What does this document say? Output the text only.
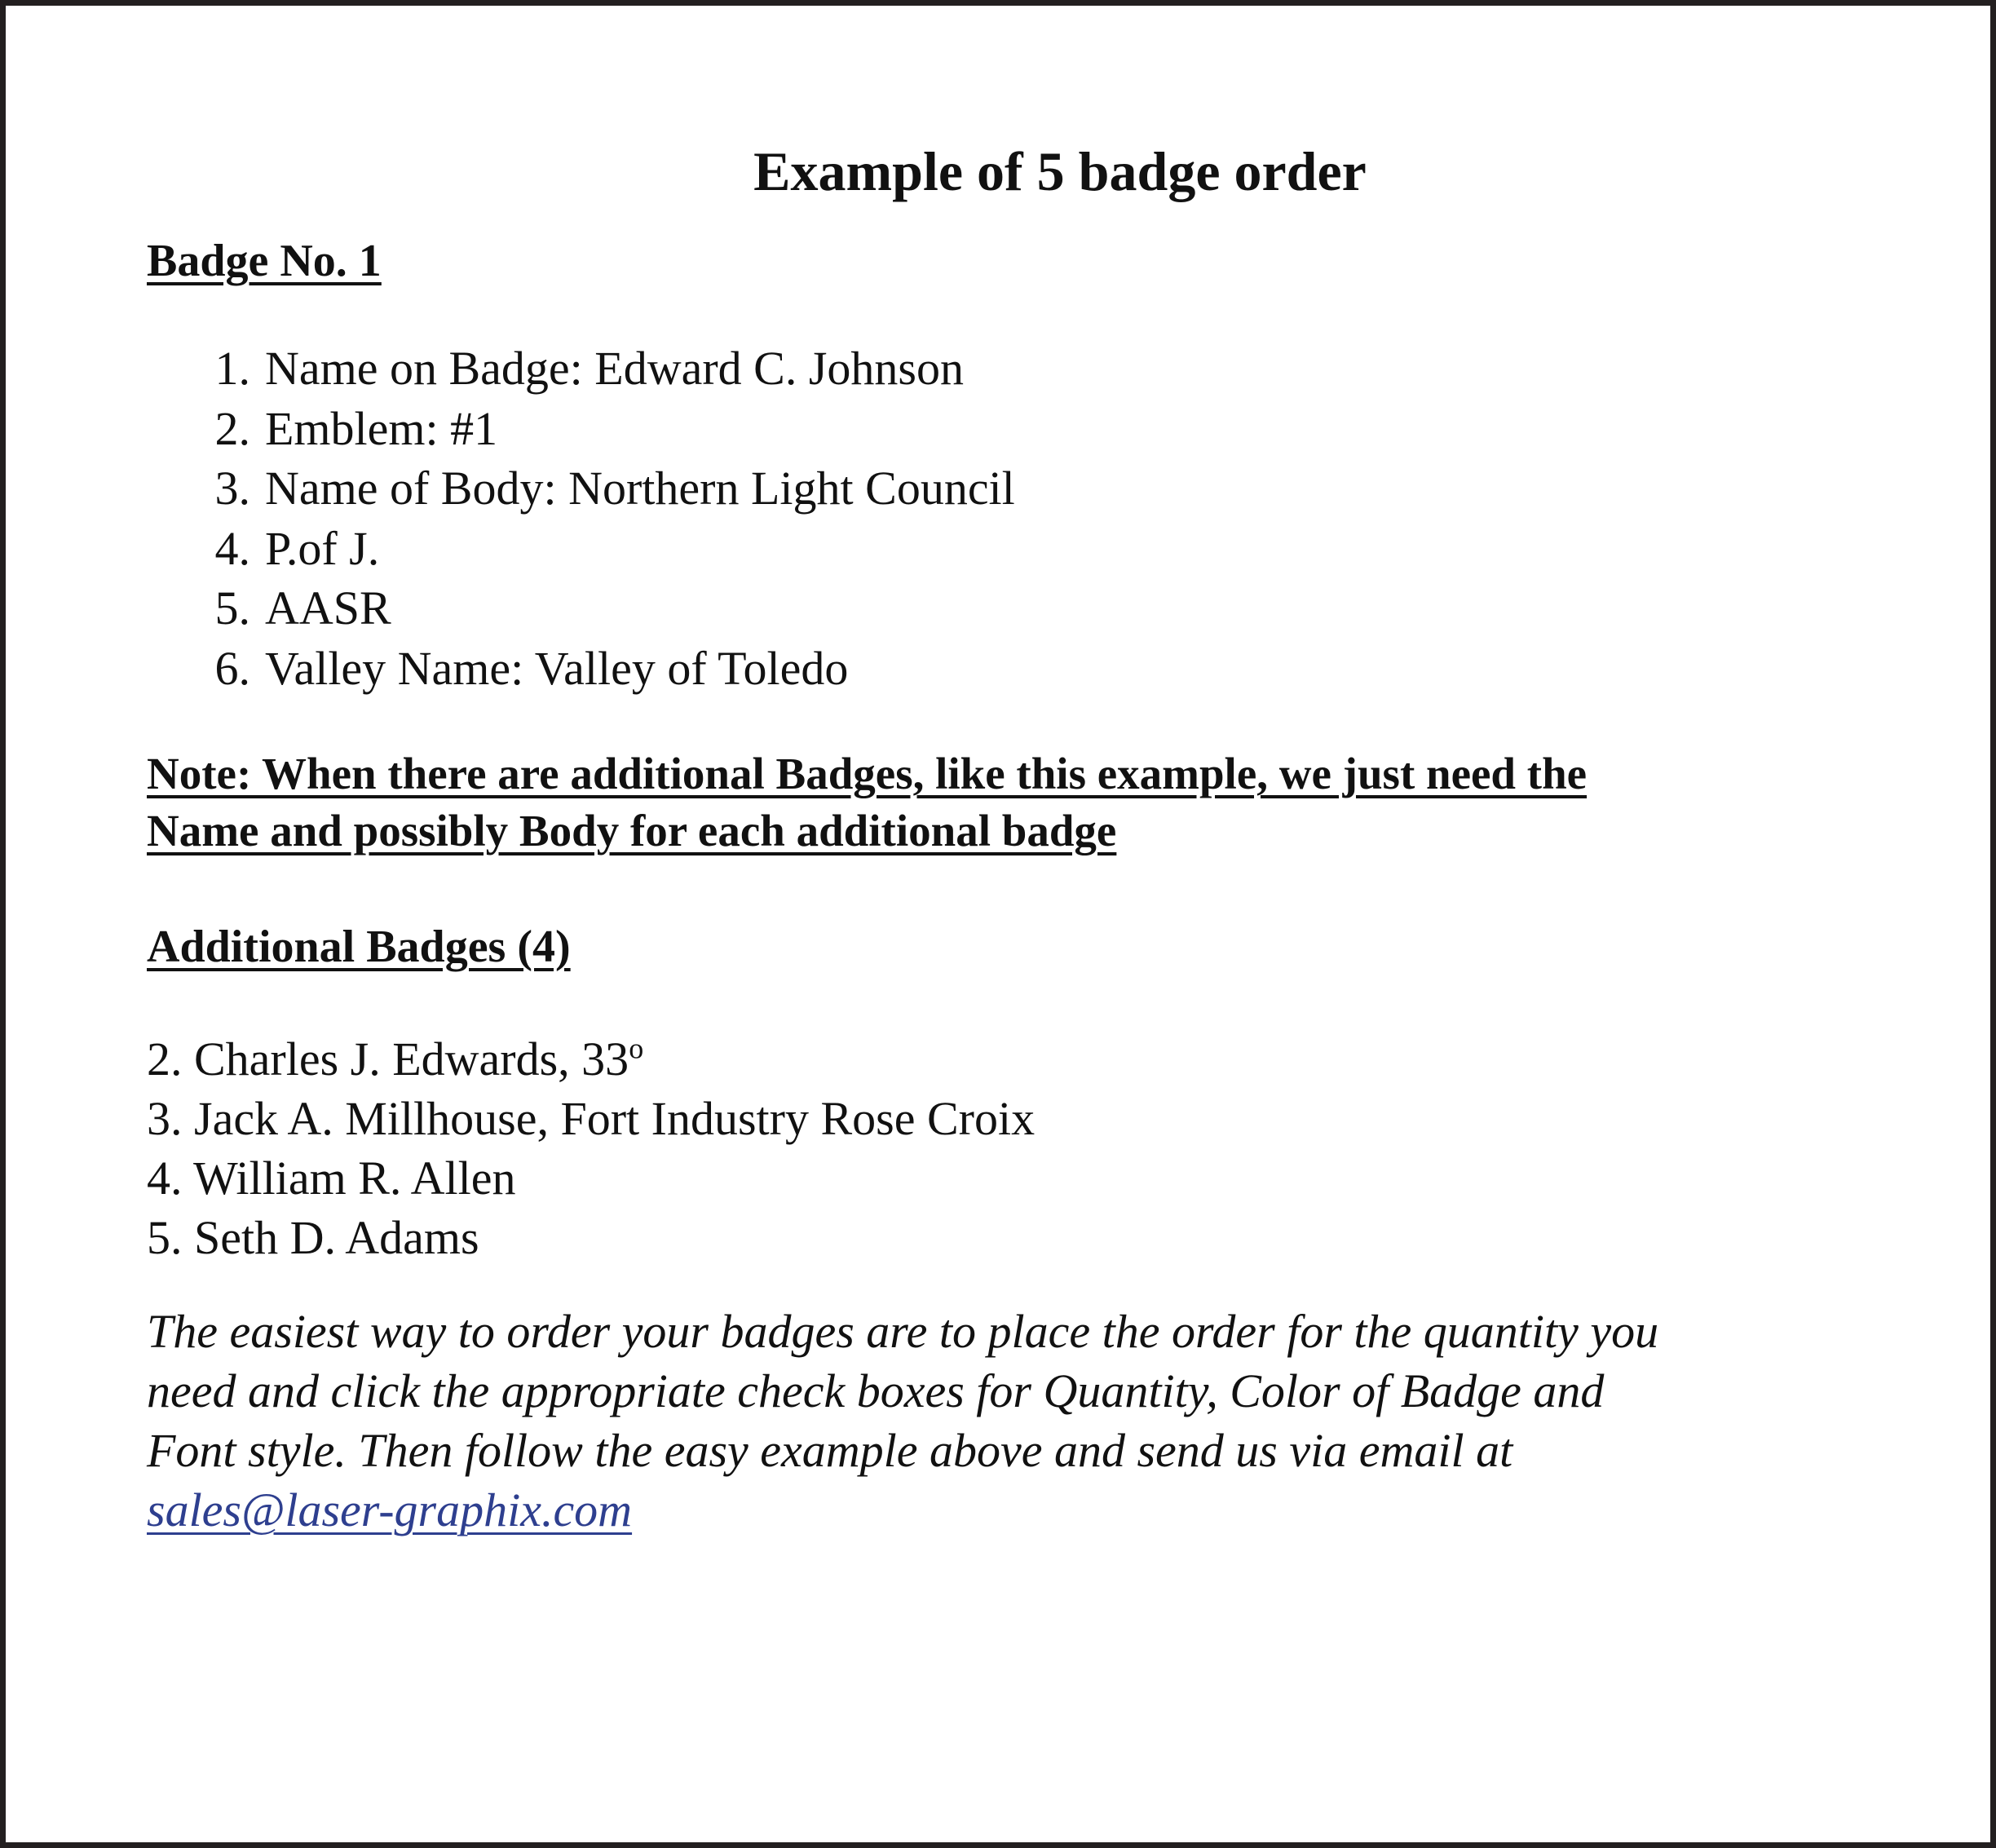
Example of 5 badge order
Badge No. 1
1. Name on Badge: Edward C. Johnson
2. Emblem: #1
3. Name of Body: Northern Light Council
4. P.of J.
5. AASR
6. Valley Name: Valley of Toledo

Note: When there are additional Badges, like this example, we just need the
Name and possibly Body for each additional badge

Additional Badges (4)
2. Charles J. Edwards, 33$^o$
3. Jack A. Millhouse, Fort Industry Rose Croix
4. William R. Allen
5. Seth D. Adams

The easiest way to order your badges are to place the order for the quantity you
need and click the appropriate check boxes for Quantity, Color of Badge and
Font style. Then follow the easy example above and send us via email at
sales@laser-graphix.com
